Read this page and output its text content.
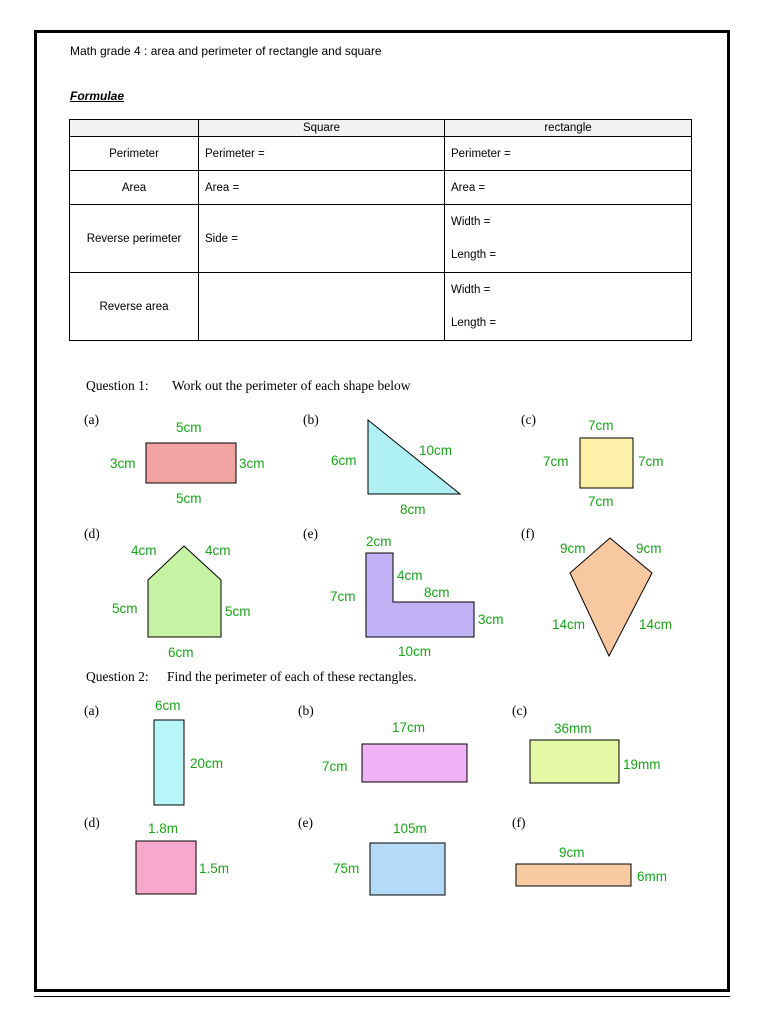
Math grade 4 : area and perimeter of rectangle and square
Formulae
	Square	rectangle
Perimeter	Perimeter =	Perimeter =
Area	Area =	Area =
Reverse perimeter	Side =	Width =
Length =

Reverse area		Width =
Length =
Question 1: Work out the perimeter of each shape below
(a)	(b)	(c)
(d)	(e)	(f)
5cm
3cm	3cm
5cm
6cm
10cm
8cm
7cm
7cm	7cm
7cm
4cm	4cm
5cm	5cm
6cm
2cm
4cm
8cm
7cm
3cm
10cm
9cm	9cm
14cm	14cm
Question 2: Find the perimeter of each of these rectangles.
(a)	(b)	(c)
(d)	(e)	(f)
6cm
20cm
17cm
7cm
36mm
19mm
1.8m
1.5m
105m
75m
9cm
6mm
